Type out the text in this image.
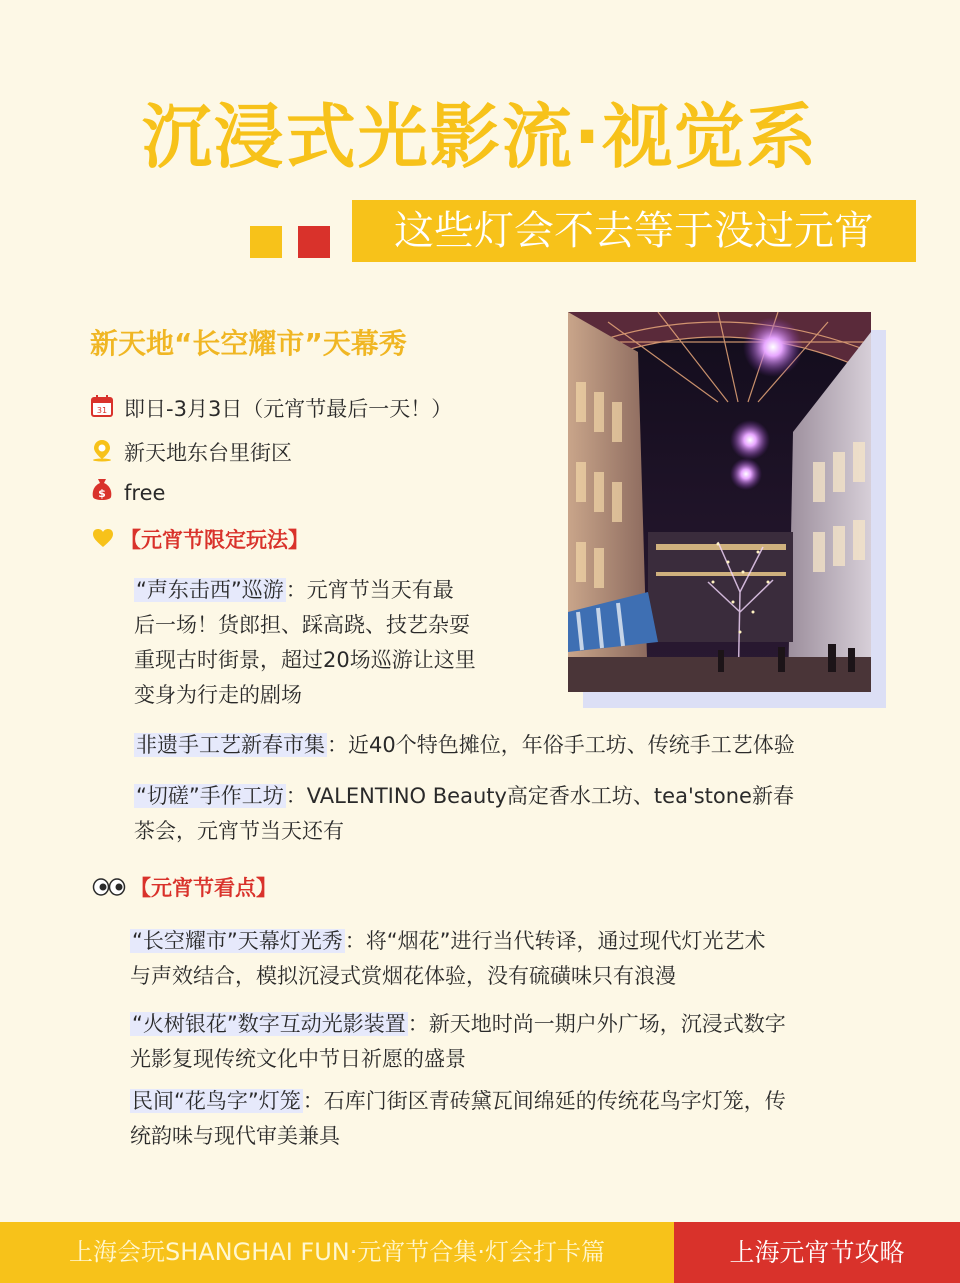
沉浸式光影流·视觉系
这些灯会不去等于没过元宵
新天地“长空耀市”天幕秀
31 即日-3月3日（元宵节最后一天！）
新天地东台里街区
$ free
【元宵节限定玩法】
“声东击西”巡游：元宵节当天有最
后一场！货郎担、踩高跷、技艺杂耍
重现古时街景，超过20场巡游让这里
变身为行走的剧场
非遗手工艺新春市集：近40个特色摊位，年俗手工坊、传统手工艺体验
“切磋”手作工坊：VALENTINO Beauty高定香水工坊、tea'stone新春
茶会，元宵节当天还有
【元宵节看点】
“长空耀市”天幕灯光秀：将“烟花”进行当代转译，通过现代灯光艺术
与声效结合，模拟沉浸式赏烟花体验，没有硫磺味只有浪漫
“火树银花”数字互动光影装置：新天地时尚一期户外广场，沉浸式数字
光影复现传统文化中节日祈愿的盛景
民间“花鸟字”灯笼：石库门街区青砖黛瓦间绵延的传统花鸟字灯笼，传
统韵味与现代审美兼具
上海会玩SHANGHAI FUN·元宵节合集·灯会打卡篇	上海元宵节攻略
